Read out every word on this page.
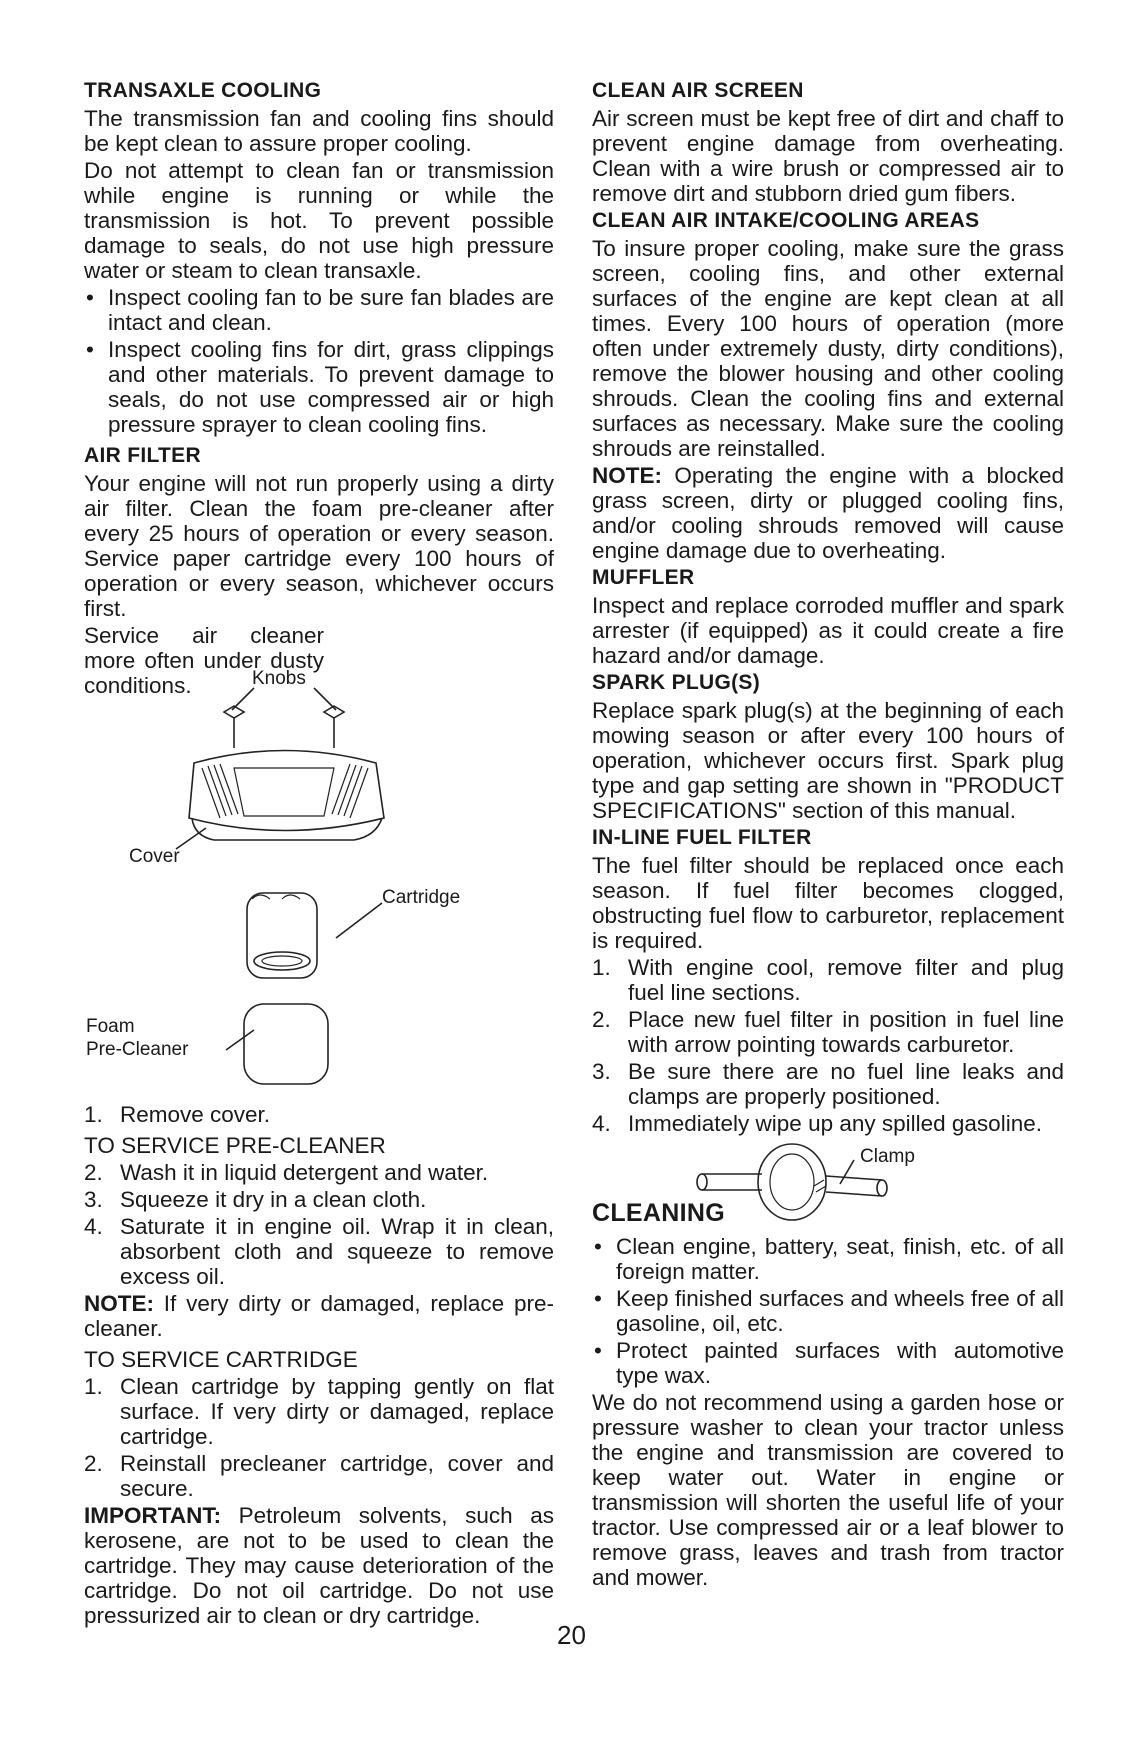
TRANSAXLE COOLING

The transmission fan and cooling fins should be kept clean to assure proper cooling.

Do not attempt to clean fan or transmission while engine is running or while the transmission is hot. To prevent possible damage to seals, do not use high pressure water or steam to clean transaxle.

• Inspect cooling fan to be sure fan blades are intact and clean.
• Inspect cooling fins for dirt, grass clippings and other materials. To prevent damage to seals, do not use compressed air or high pressure sprayer to clean cooling fins.
AIR FILTER

Your engine will not run properly using a dirty air filter. Clean the foam pre-cleaner after every 25 hours of operation or every season. Service paper cartridge every 100 hours of operation or every season, whichever occurs first.

Service air cleaner more often under dusty conditions.	Knobs
Cover
Cartridge
Foam
Pre-Cleaner
1. Remove cover.

TO SERVICE PRE-CLEANER

2. Wash it in liquid detergent and water.
3. Squeeze it dry in a clean cloth.
4. Saturate it in engine oil. Wrap it in clean, absorbent cloth and squeeze to remove excess oil.

NOTE: If very dirty or damaged, replace pre-cleaner.

TO SERVICE CARTRIDGE

1. Clean cartridge by tapping gently on flat surface. If very dirty or damaged, replace cartridge.
2. Reinstall precleaner cartridge, cover and secure.

IMPORTANT: Petroleum solvents, such as kerosene, are not to be used to clean the cartridge. They may cause deterioration of the cartridge. Do not oil cartridge. Do not use pressurized air to clean or dry cartridge.

CLEAN AIR SCREEN

Air screen must be kept free of dirt and chaff to prevent engine damage from overheating. Clean with a wire brush or compressed air to remove dirt and stubborn dried gum fibers.

CLEAN AIR INTAKE/COOLING AREAS

To insure proper cooling, make sure the grass screen, cooling fins, and other external surfaces of the engine are kept clean at all times. Every 100 hours of operation (more often under extremely dusty, dirty conditions), remove the blower housing and other cooling shrouds. Clean the cooling fins and external surfaces as necessary. Make sure the cooling shrouds are reinstalled.

NOTE: Operating the engine with a blocked grass screen, dirty or plugged cooling fins, and/or cooling shrouds removed will cause engine damage due to overheating.

MUFFLER

Inspect and replace corroded muffler and spark arrester (if equipped) as it could create a fire hazard and/or damage.

SPARK PLUG(S)

Replace spark plug(s) at the beginning of each mowing season or after every 100 hours of operation, whichever occurs first. Spark plug type and gap setting are shown in "PRODUCT SPECIFICATIONS" section of this manual.

IN-LINE FUEL FILTER

The fuel filter should be replaced once each season. If fuel filter becomes clogged, obstructing fuel flow to carburetor, replacement is required.

1. With engine cool, remove filter and plug fuel line sections.
2. Place new fuel filter in position in fuel line with arrow pointing towards carburetor.
3. Be sure there are no fuel line leaks and clamps are properly positioned.
4. Immediately wipe up any spilled gasoline.
Clamp
CLEANING
• Clean engine, battery, seat, finish, etc. of all foreign matter.
• Keep finished surfaces and wheels free of all gasoline, oil, etc.
• Protect painted surfaces with automotive type wax.

We do not recommend using a garden hose or pressure washer to clean your tractor unless the engine and transmission are covered to keep water out. Water in engine or transmission will shorten the useful life of your tractor. Use compressed air or a leaf blower to remove grass, leaves and trash from tractor and mower.

20
